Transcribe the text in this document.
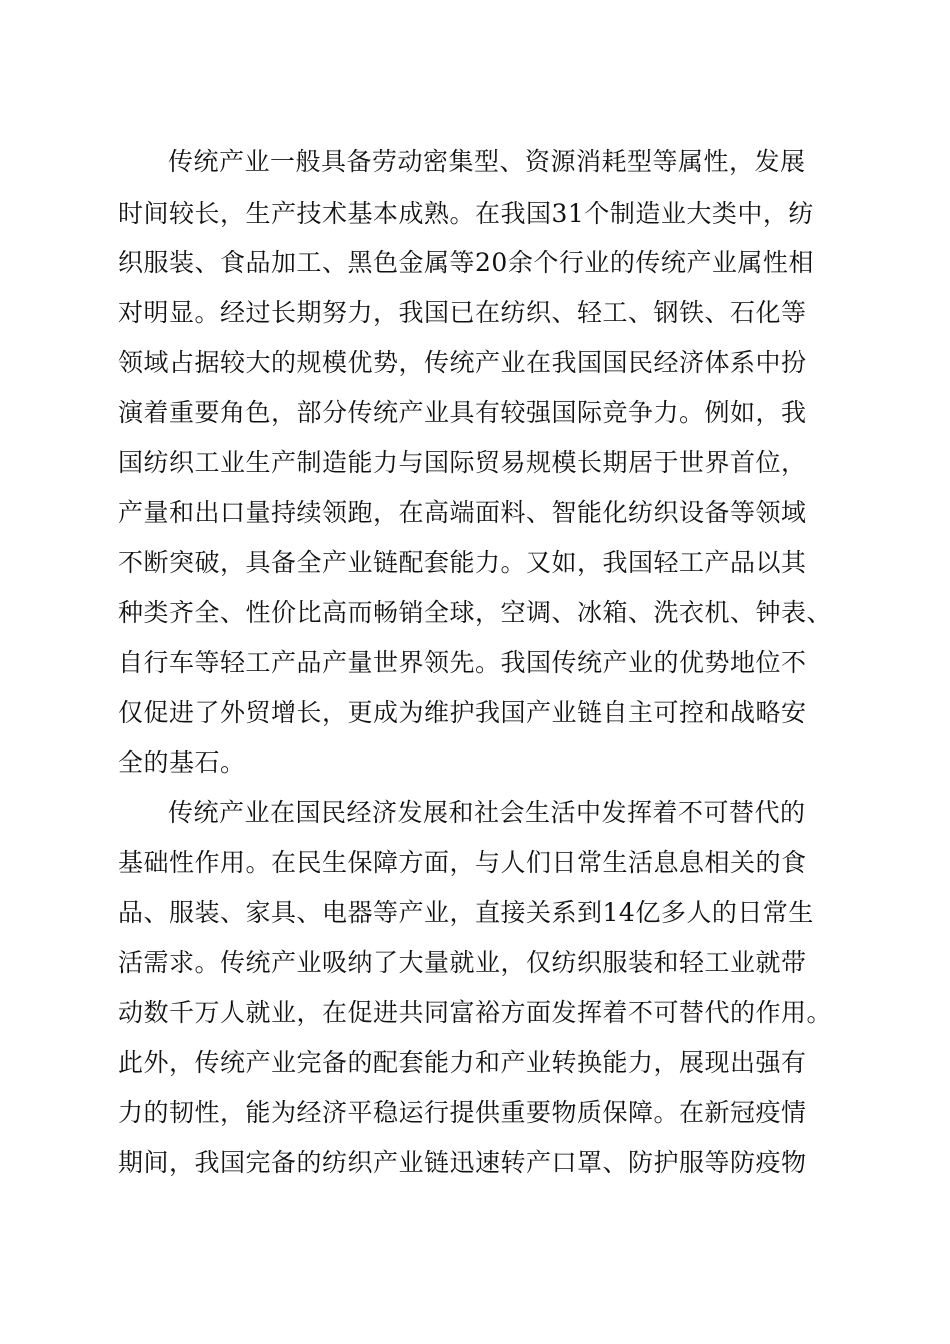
传统产业一般具备劳动密集型、资源消耗型等属性，发展
时间较长，生产技术基本成熟。在我国31个制造业大类中，纺
织服装、食品加工、黑色金属等20余个行业的传统产业属性相
对明显。经过长期努力，我国已在纺织、轻工、钢铁、石化等
领域占据较大的规模优势，传统产业在我国国民经济体系中扮
演着重要角色，部分传统产业具有较强国际竞争力。例如，我
国纺织工业生产制造能力与国际贸易规模长期居于世界首位，
产量和出口量持续领跑，在高端面料、智能化纺织设备等领域
不断突破，具备全产业链配套能力。又如，我国轻工产品以其
种类齐全、性价比高而畅销全球，空调、冰箱、洗衣机、钟表、
自行车等轻工产品产量世界领先。我国传统产业的优势地位不
仅促进了外贸增长，更成为维护我国产业链自主可控和战略安
全的基石。
传统产业在国民经济发展和社会生活中发挥着不可替代的
基础性作用。在民生保障方面，与人们日常生活息息相关的食
品、服装、家具、电器等产业，直接关系到14亿多人的日常生
活需求。传统产业吸纳了大量就业，仅纺织服装和轻工业就带
动数千万人就业，在促进共同富裕方面发挥着不可替代的作用。
此外，传统产业完备的配套能力和产业转换能力，展现出强有
力的韧性，能为经济平稳运行提供重要物质保障。在新冠疫情
期间，我国完备的纺织产业链迅速转产口罩、防护服等防疫物
